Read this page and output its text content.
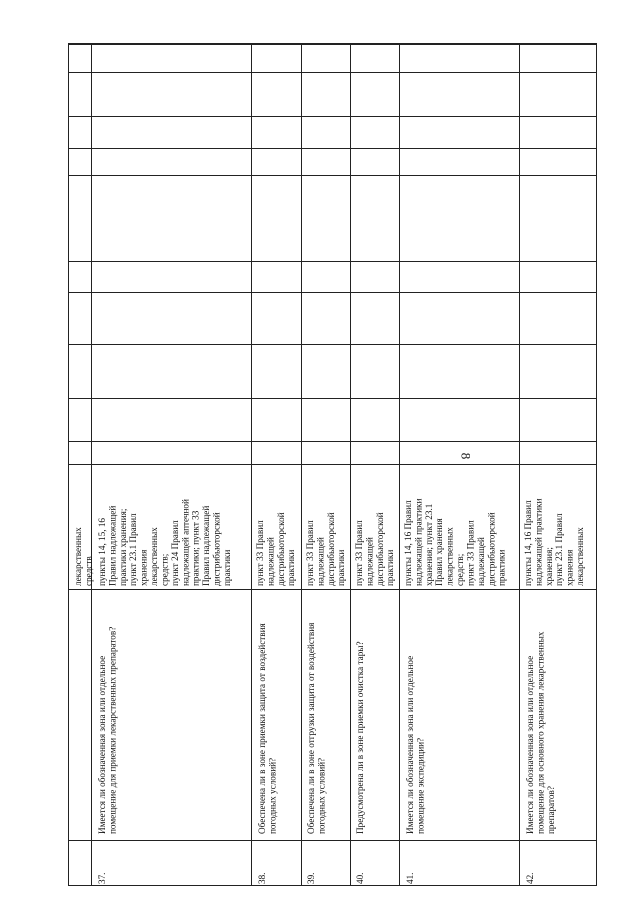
8
лекарственных
средств
37.
Имеется ли обозначенная зона или отдельное
помещение для приемки лекарственных препаратов?
пункты 14, 15, 16
Правил надлежащей
практики хранения;
пункт 23.1 Правил
хранения
лекарственных
средств;
пункт 24 Правил
надлежащей аптечной
практики; пункт 33
Правил надлежащей
дистрибьюторской
практики
38.
Обеспечена ли в зоне приемки защита от воздействия
погодных условий?
пункт 33 Правил
надлежащей
дистрибьюторской
практики
39.
Обеспечена ли в зоне отгрузки защита от воздействия
погодных условий?
пункт 33 Правил
надлежащей
дистрибьюторской
практики
40.
Предусмотрена ли в зоне приемки очистка тары?
пункт 33 Правил
надлежащей
дистрибьюторской
практики
41.
Имеется ли обозначенная зона или отдельное
помещение экспедиции?
пункты 14, 16 Правил
надлежащей практики
хранения; пункт 23.1
Правил хранения
лекарственных
средств;
пункт 33 Правил
надлежащей
дистрибьюторской
практики
42.
Имеется ли обозначенная зона или отдельное
помещение для основного хранения лекарственных
препаратов?
пункты 14, 16 Правил
надлежащей практики
хранения;
пункт 23.1 Правил
хранения
лекарственных
